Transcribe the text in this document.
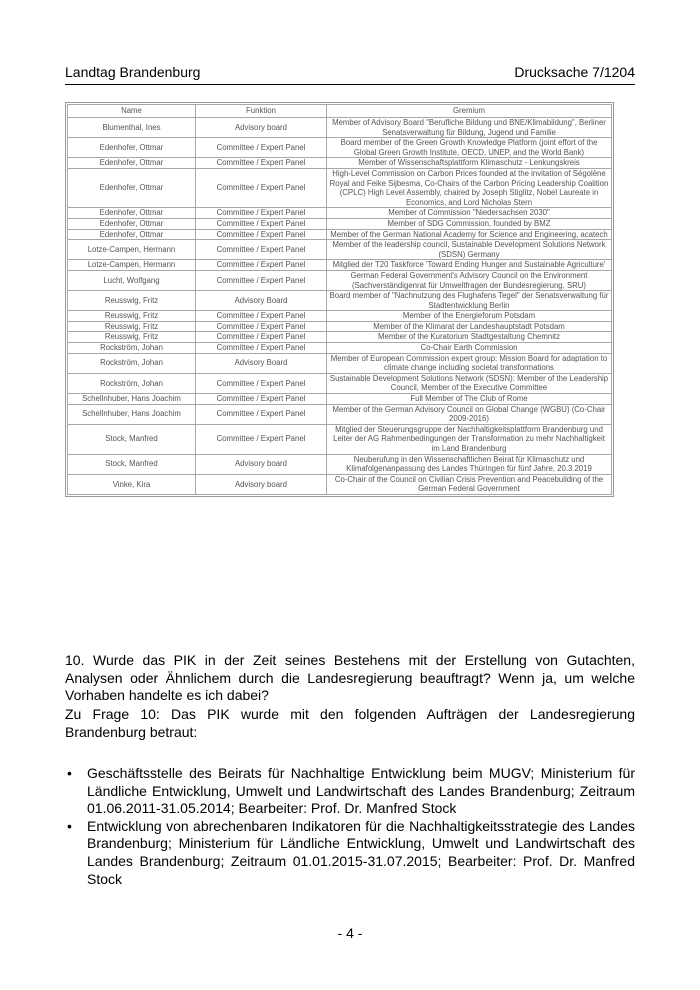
Landtag Brandenburg	Drucksache 7/1204
Name	Funktion	Gremium
Blumenthal, Ines	Advisory board	Member of Advisory Board "Berufliche Bildung und BNE/Klimabildung", Berliner Senatsverwaltung für Bildung, Jugend und Familie
Edenhofer, Ottmar	Committee / Expert Panel	Board member of the Green Growth Knowledge Platform (joint effort of the Global Green Growth Institute, OECD, UNEP, and the World Bank)
Edenhofer, Ottmar	Committee / Expert Panel	Member of Wissenschaftsplattform Klimaschutz - Lenkungskreis
Edenhofer, Ottmar	Committee / Expert Panel	High-Level Commission on Carbon Prices founded at the invitation of Ségolène Royal and Feike Sijbesma, Co-Chairs of the Carbon Pricing Leadership Coalition (CPLC) High Level Assembly, chaired by Joseph Stiglitz, Nobel Laureate in Economics, and Lord Nicholas Stern
Edenhofer, Ottmar	Committee / Expert Panel	Member of Commission "Niedersachsen 2030"
Edenhofer, Ottmar	Committee / Expert Panel	Member of SDG Commission, founded by BMZ
Edenhofer, Ottmar	Committee / Expert Panel	Member of the German National Academy for Science and Engineering, acatech
Lotze-Campen, Hermann	Committee / Expert Panel	Member of the leadership council, Sustainable Development Solutions Network (SDSN) Germany
Lotze-Campen, Hermann	Committee / Expert Panel	Mitglied der T20 Taskforce 'Toward Ending Hunger and Sustainable Agriculture'
Lucht, Wolfgang	Committee / Expert Panel	German Federal Government's Advisory Council on the Environment (Sachverständigenrat für Umweltfragen der Bundesregierung, SRU)
Reusswig, Fritz	Advisory Board	Board member of "Nachnutzung des Flughafens Tegel" der Senatsverwaltung für Stadtentwicklung Berlin
Reusswig, Fritz	Committee / Expert Panel	Member of the Energieforum Potsdam
Reusswig, Fritz	Committee / Expert Panel	Member of the Klimarat der Landeshauptstadt Potsdam
Reusswig, Fritz	Committee / Expert Panel	Member of the Kuratorium Stadtgestaltung Chemnitz
Rockström, Johan	Committee / Expert Panel	Co-Chair Earth Commission
Rockström, Johan	Advisory Board	Member of European Commission expert group: Mission Board for adaptation to climate change including societal transformations
Rockström, Johan	Committee / Expert Panel	Sustainable Development Solutions Network (SDSN): Member of the Leadership Council, Member of the Executive Committee
Schellnhuber, Hans Joachim	Committee / Expert Panel	Full Member of The Club of Rome
Schellnhuber, Hans Joachim	Committee / Expert Panel	Member of the German Advisory Council on Global Change (WGBU) (Co-Chair 2009-2016)
Stock, Manfred	Committee / Expert Panel	Mitglied der Steuerungsgruppe der Nachhaltigkeitsplattform Brandenburg und Leiter der AG Rahmenbedingungen der Transformation zu mehr Nachhaltigkeit im Land Brandenburg
Stock, Manfred	Advisory board	Neuberufung in den Wissenschaftlichen Beirat für Klimaschutz und Klimafolgenanpassung des Landes Thüringen für fünf Jahre, 20.3.2019
Vinke, Kira	Advisory board	Co-Chair of the Council on Civilian Crisis Prevention and Peacebuilding of the German Federal Government
10. Wurde das PIK in der Zeit seines Bestehens mit der Erstellung von Gutachten, Analysen oder Ähnlichem durch die Landesregierung beauftragt? Wenn ja, um welche Vorhaben handelte es ich dabei?
Zu Frage 10: Das PIK wurde mit den folgenden Aufträgen der Landesregierung Brandenburg betraut:
• Geschäftsstelle des Beirats für Nachhaltige Entwicklung beim MUGV; Ministerium für Ländliche Entwicklung, Umwelt und Landwirtschaft des Landes Brandenburg; Zeitraum 01.06.2011-31.05.2014; Bearbeiter: Prof. Dr. Manfred Stock
• Entwicklung von abrechenbaren Indikatoren für die Nachhaltigkeitsstrategie des Landes Brandenburg; Ministerium für Ländliche Entwicklung, Umwelt und Landwirtschaft des Landes Brandenburg; Zeitraum 01.01.2015-31.07.2015; Bearbeiter: Prof. Dr. Manfred Stock
- 4 -
